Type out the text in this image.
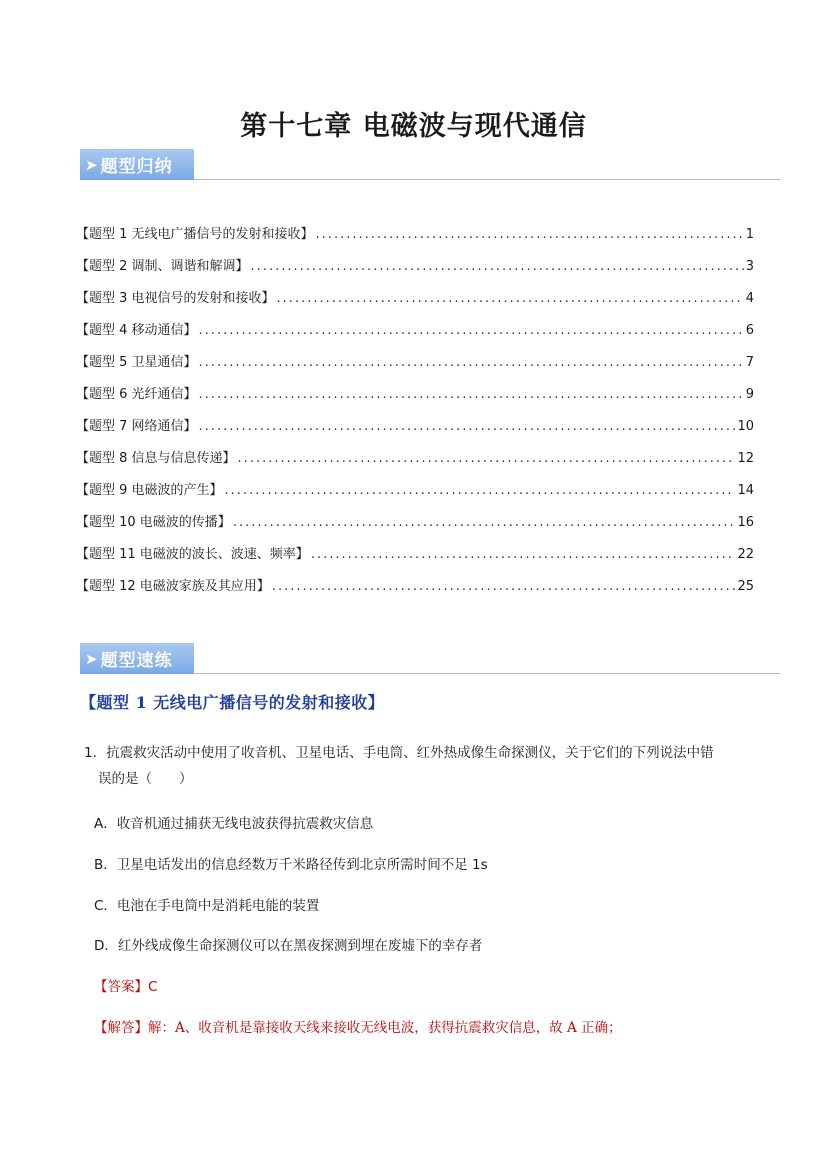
第十七章 电磁波与现代通信
➤ 题型归纳
【题型 1 无线电广播信号的发射和接收】 .....	1
【题型 2 调制、调谐和解调】 .....	3
【题型 3 电视信号的发射和接收】 .....	4
【题型 4 移动通信】 .....	6
【题型 5 卫星通信】 .....	7
【题型 6 光纤通信】 .....	9
【题型 7 网络通信】 .....	10
【题型 8 信息与信息传递】 .....	12
【题型 9 电磁波的产生】 .....	14
【题型 10 电磁波的传播】 .....	16
【题型 11 电磁波的波长、波速、频率】 .....	22
【题型 12 电磁波家族及其应用】 .....	25
➤ 题型速练
【题型 1 无线电广播信号的发射和接收】

1．抗震救灾活动中使用了收音机、卫星电话、手电筒、红外热成像生命探测仪，关于它们的下列说法中错
误的是（　　）

A．收音机通过捕获无线电波获得抗震救灾信息

B．卫星电话发出的信息经数万千米路径传到北京所需时间不足 1s

C．电池在手电筒中是消耗电能的装置

D．红外线成像生命探测仪可以在黑夜探测到埋在废墟下的幸存者

【答案】C

【解答】解：A、收音机是靠接收天线来接收无线电波，获得抗震救灾信息，故 A 正确；
